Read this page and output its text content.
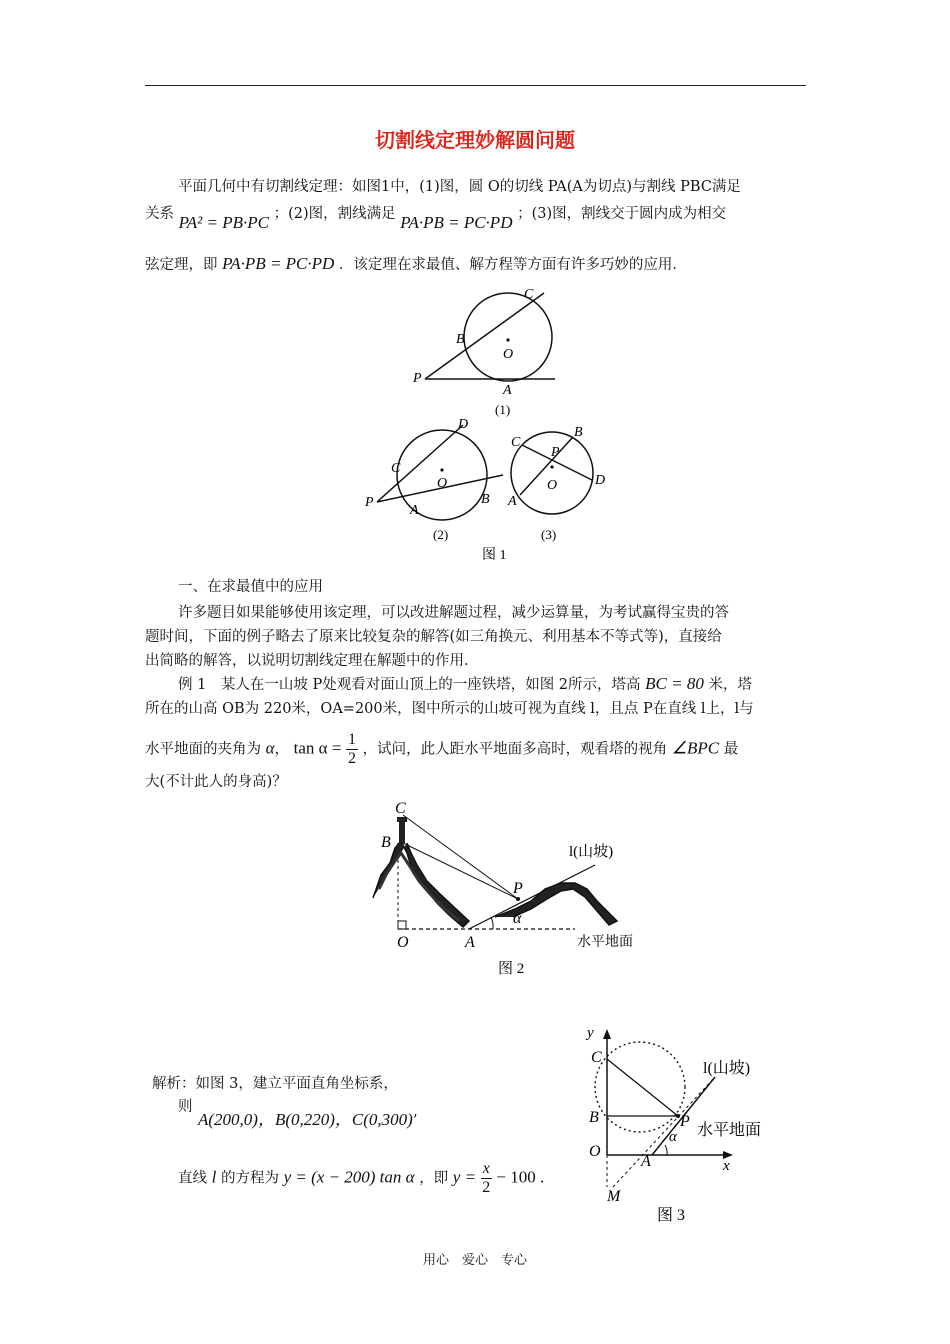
切割线定理妙解圆问题
平面几何中有切割线定理：如图1中，(1)图，圆 O的切线 PA(A为切点)与割线 PBC满足
关系 PA² = PB·PC ；(2)图，割线满足 PA·PB = PC·PD ；(3)图，割线交于圆内成为相交
弦定理，即 PA·PB = PC·PD ．该定理在求最值、解方程等方面有许多巧妙的应用．
P
A
B
C
O
(1)
P
A
B
C
D
O
(2)
C
B
P
D
A
O
(3)
图 1
一、在求最值中的应用
许多题目如果能够使用该定理，可以改进解题过程，减少运算量，为考试赢得宝贵的答
题时间，下面的例子略去了原来比较复杂的解答(如三角换元、利用基本不等式等)，直接给
出简略的解答，以说明切割线定理在解题中的作用．
例 1　某人在一山坡 P处观看对面山顶上的一座铁塔，如图 2所示，塔高 BC = 80 米，塔
所在的山高 OB为 220米，OA=200米，图中所示的山坡可视为直线 l，且点 P在直线 l上，l与
水平地面的夹角为 α， $\tan \alpha = \frac{1}{2}$ ，试问，此人距水平地面多高时，观看塔的视角 ∠BPC 最
大(不计此人的身高)？
C
B
P
O	A
α
l(山坡)
水平地面
图 2
解析：如图 3，建立平面直角坐标系，
则
A(200,0)，B(0,220)，C(0,300)’
直线 l 的方程为 y = (x − 200) tan α ，即 $y = \frac{x}{2} - 100$ .
y
x
C
B
O
A
P
M
α
l(山坡)
水平地面
图 3
用心　爱心　专心
